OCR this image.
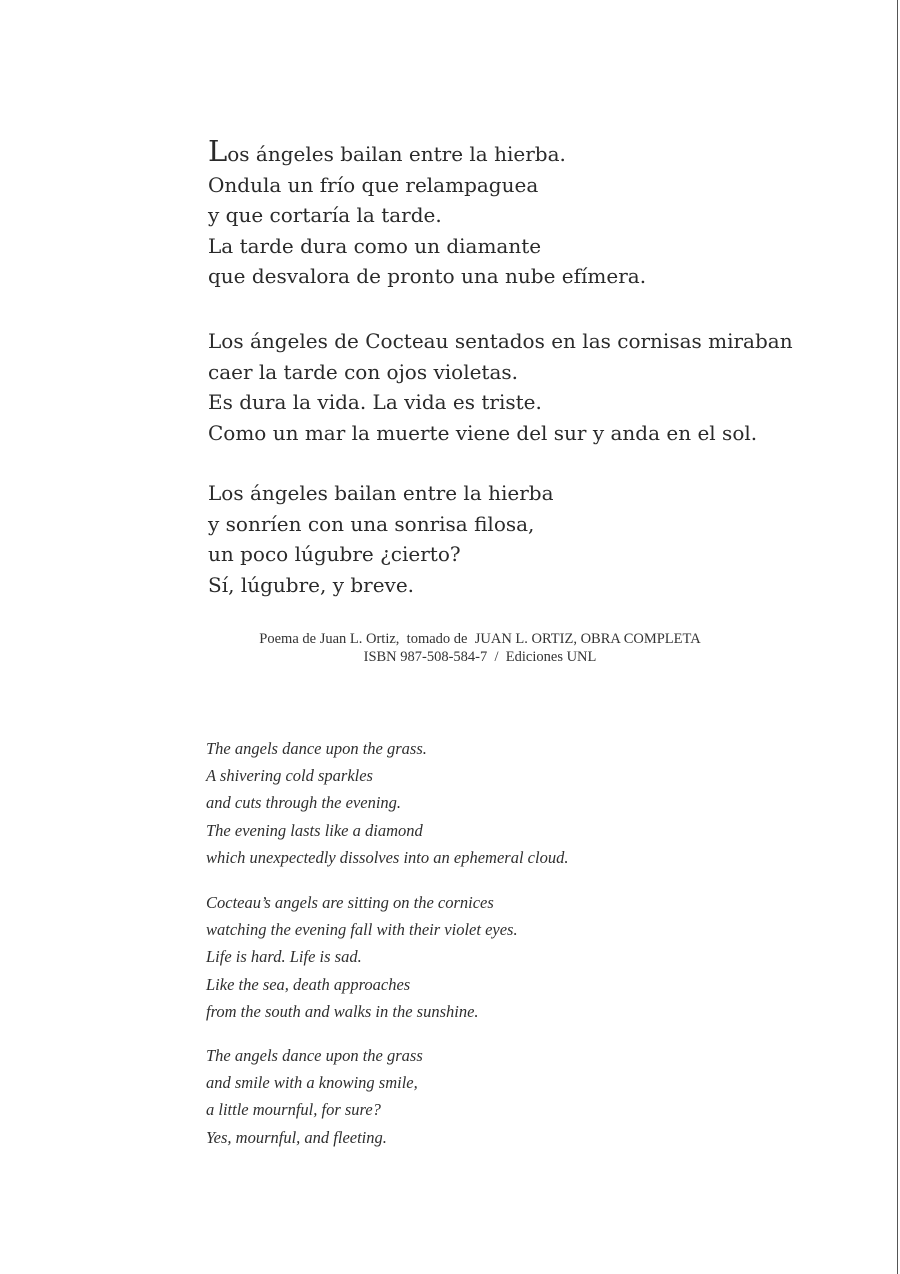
Los ángeles bailan entre la hierba.

Ondula un frío que relampaguea

y que cortaría la tarde.

La tarde dura como un diamante

que desvalora de pronto una nube efímera.

Los ángeles de Cocteau sentados en las cornisas miraban

caer la tarde con ojos violetas.

Es dura la vida. La vida es triste.

Como un mar la muerte viene del sur y anda en el sol.

Los ángeles bailan entre la hierba

y sonríen con una sonrisa filosa,

un poco lúgubre ¿cierto?

Sí, lúgubre, y breve.

Poema de Juan L. Ortiz,  tomado de  JUAN L. ORTIZ, OBRA COMPLETA

ISBN 987-508-584-7  /  Ediciones UNL

The angels dance upon the grass.

A shivering cold sparkles

and cuts through the evening.

The evening lasts like a diamond

which unexpectedly dissolves into an ephemeral cloud.

Cocteau’s angels are sitting on the cornices

watching the evening fall with their violet eyes.

Life is hard. Life is sad.

Like the sea, death approaches

from the south and walks in the sunshine.

The angels dance upon the grass

and smile with a knowing smile,

a little mournful, for sure?

Yes, mournful, and fleeting.
